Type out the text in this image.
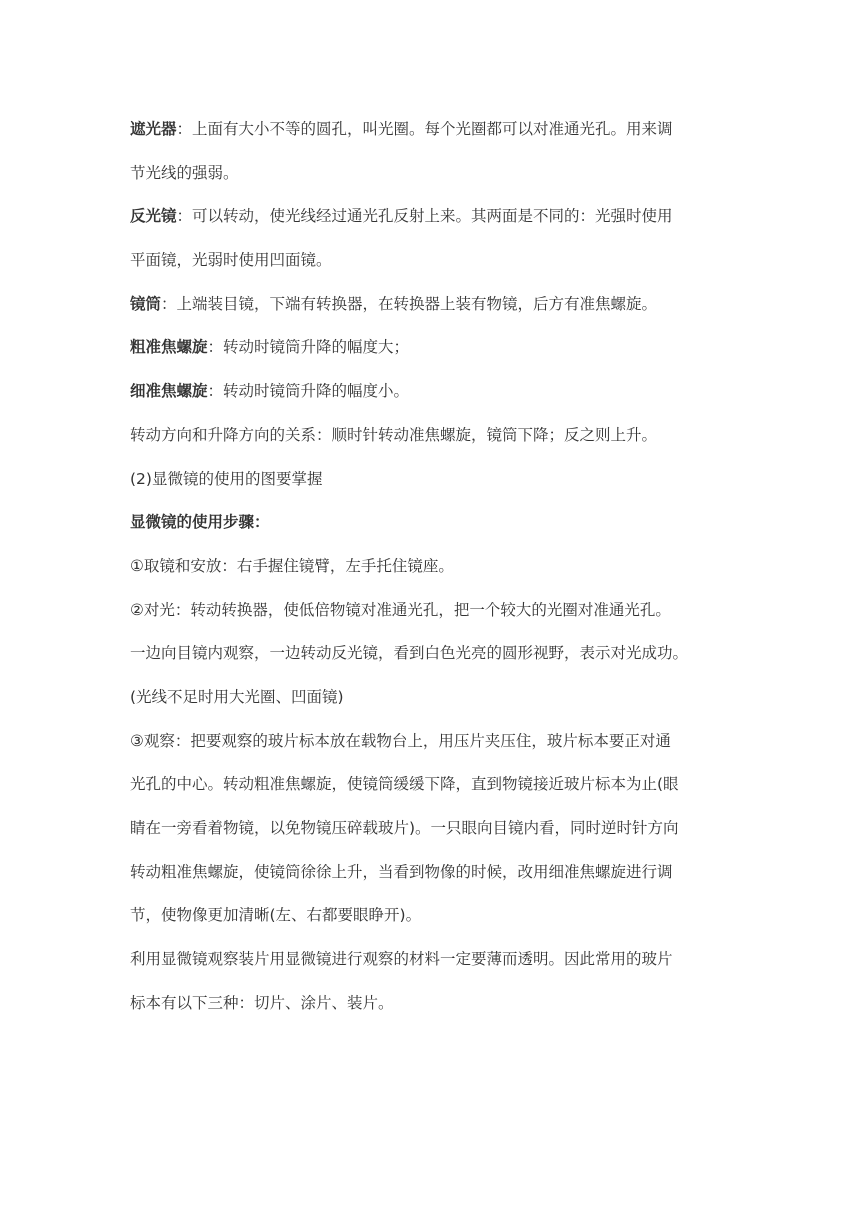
遮光器：上面有大小不等的圆孔，叫光圈。每个光圈都可以对准通光孔。用来调
节光线的强弱。
反光镜：可以转动，使光线经过通光孔反射上来。其两面是不同的：光强时使用
平面镜，光弱时使用凹面镜。
镜筒：上端装目镜，下端有转换器，在转换器上装有物镜，后方有准焦螺旋。
粗准焦螺旋：转动时镜筒升降的幅度大；
细准焦螺旋：转动时镜筒升降的幅度小。
转动方向和升降方向的关系：顺时针转动准焦螺旋，镜筒下降；反之则上升。
(2)显微镜的使用的图要掌握
显微镜的使用步骤：
①取镜和安放：右手握住镜臂，左手托住镜座。
②对光：转动转换器，使低倍物镜对准通光孔，把一个较大的光圈对准通光孔。
一边向目镜内观察，一边转动反光镜，看到白色光亮的圆形视野，表示对光成功。
(光线不足时用大光圈、凹面镜)
③观察：把要观察的玻片标本放在载物台上，用压片夹压住，玻片标本要正对通
光孔的中心。转动粗准焦螺旋，使镜筒缓缓下降，直到物镜接近玻片标本为止(眼
睛在一旁看着物镜，以免物镜压碎载玻片)。一只眼向目镜内看，同时逆时针方向
转动粗准焦螺旋，使镜筒徐徐上升，当看到物像的时候，改用细准焦螺旋进行调
节，使物像更加清晰(左、右都要眼睁开)。
利用显微镜观察装片用显微镜进行观察的材料一定要薄而透明。因此常用的玻片
标本有以下三种：切片、涂片、装片。
